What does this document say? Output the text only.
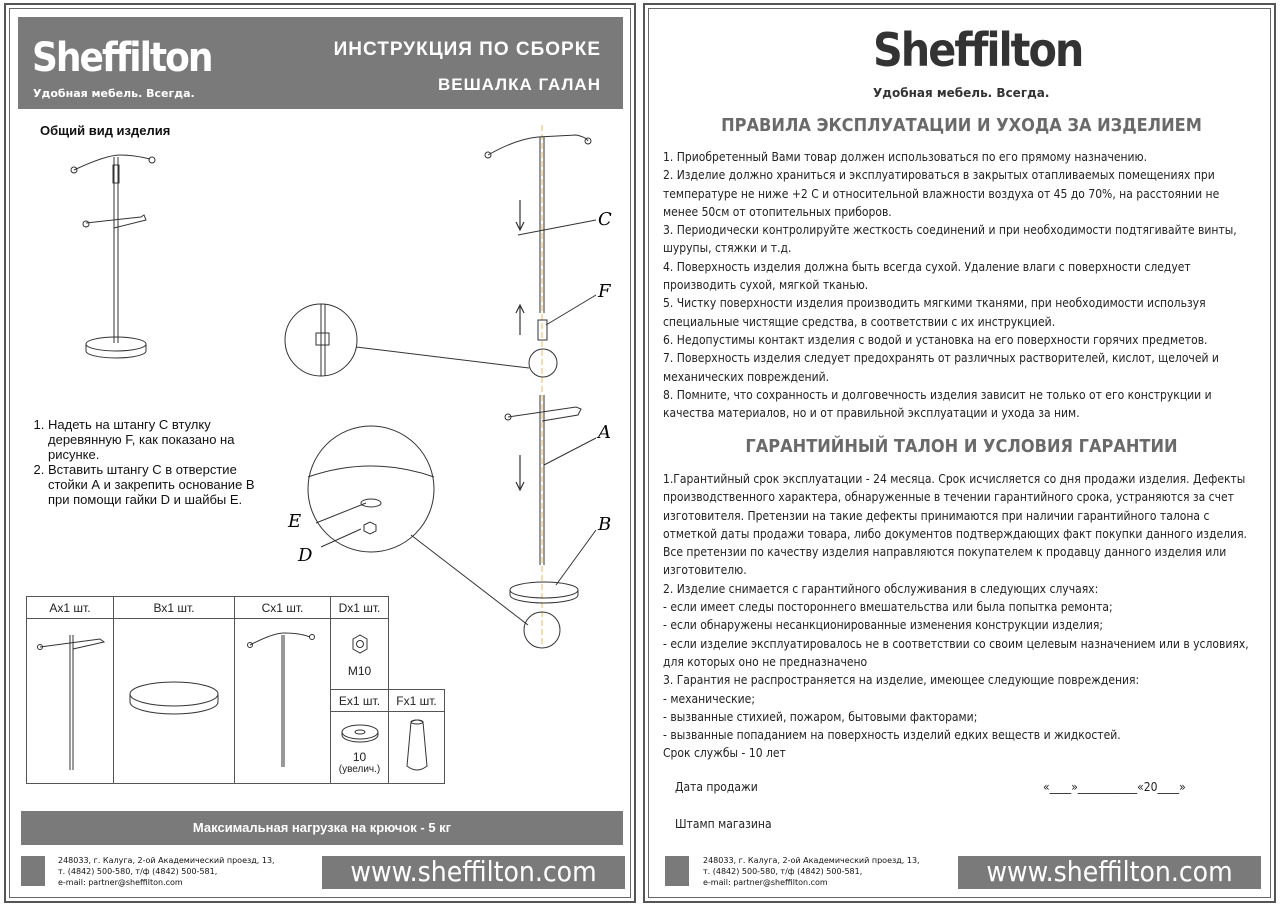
Sheffilton
Удобная мебель. Всегда.
ИНСТРУКЦИЯ ПО СБОРКЕ
ВЕШАЛКА ГАЛАН
Общий вид изделия
1. Надеть на штангу С втулку деревянную F, как показано на рисунке.
2. Вставить штангу С в отверстие стойки А и закрепить основание В при помощи гайки D и шайбы Е.
C
F
A
B
E
D
Ах1 шт.	Вх1 шт.	Сх1 шт.	Dх1 шт.	

M10	

			Ех1 шт.	Fх1 шт.

			10
(увелич.)

Максимальная нагрузка на крючок - 5 кг
248033, г. Калуга, 2-ой Академический проезд, 13,
т. (4842) 500-580, т/ф (4842) 500-581,
e-mail: partner@sheffilton.com	www.sheffilton.com
Sheffilton
Удобная мебель. Всегда.
ПРАВИЛА ЭКСПЛУАТАЦИИ И УХОДА ЗА ИЗДЕЛИЕМ

1. Приобретенный Вами товар должен использоваться по его прямому назначению.

2. Изделие должно храниться и эксплуатироваться в закрытых отапливаемых помещениях при температуре не ниже +2 С и относительной влажности воздуха от 45 до 70%, на расстоянии не менее 50см от отопительных приборов.

3. Периодически контролируйте жесткость соединений и при необходимости подтягивайте винты, шурупы, стяжки и т.д.

4. Поверхность изделия должна быть всегда сухой. Удаление влаги с поверхности следует производить сухой, мягкой тканью.

5. Чистку поверхности изделия производить мягкими тканями, при необходимости используя специальные чистящие средства, в соответствии с их инструкцией.

6. Недопустимы контакт изделия с водой и установка на его поверхности горячих предметов.

7. Поверхность изделия следует предохранять от различных растворителей, кислот, щелочей и механических повреждений.

8. Помните, что сохранность и долговечность изделия зависит не только от его конструкции и качества материалов, но и от правильной эксплуатации и ухода за ним.

ГАРАНТИЙНЫЙ ТАЛОН И УСЛОВИЯ ГАРАНТИИ

1.Гарантийный срок эксплуатации - 24 месяца. Срок исчисляется со дня продажи изделия. Дефекты производственного характера, обнаруженные в течении гарантийного срока, устраняются за счет изготовителя. Претензии на такие дефекты принимаются при наличии гарантийного талона с отметкой даты продажи товара, либо документов подтверждающих факт покупки данного изделия. Все претензии по качеству изделия направляются покупателем к продавцу данного изделия или изготовителю.

2. Изделие снимается с гарантийного обслуживания в следующих случаях:

- если имеет следы постороннего вмешательства или была попытка ремонта;

- если обнаружены несанкционированные изменения конструкции изделия;

- если изделие эксплуатировалось не в соответствии со своим целевым назначением или в условиях, для которых оно не предназначено

3. Гарантия не распространяется на изделие, имеющее следующие повреждения:

- механические;

- вызванные стихией, пожаром, бытовыми факторами;

- вызванные попаданием на поверхность изделий едких веществ и жидкостей.

Срок службы - 10 лет

Дата продажи	«____»___________«20____»
Штамп магазина
248033, г. Калуга, 2-ой Академический проезд, 13,
т. (4842) 500-580, т/ф (4842) 500-581,
e-mail: partner@sheffilton.com	www.sheffilton.com
